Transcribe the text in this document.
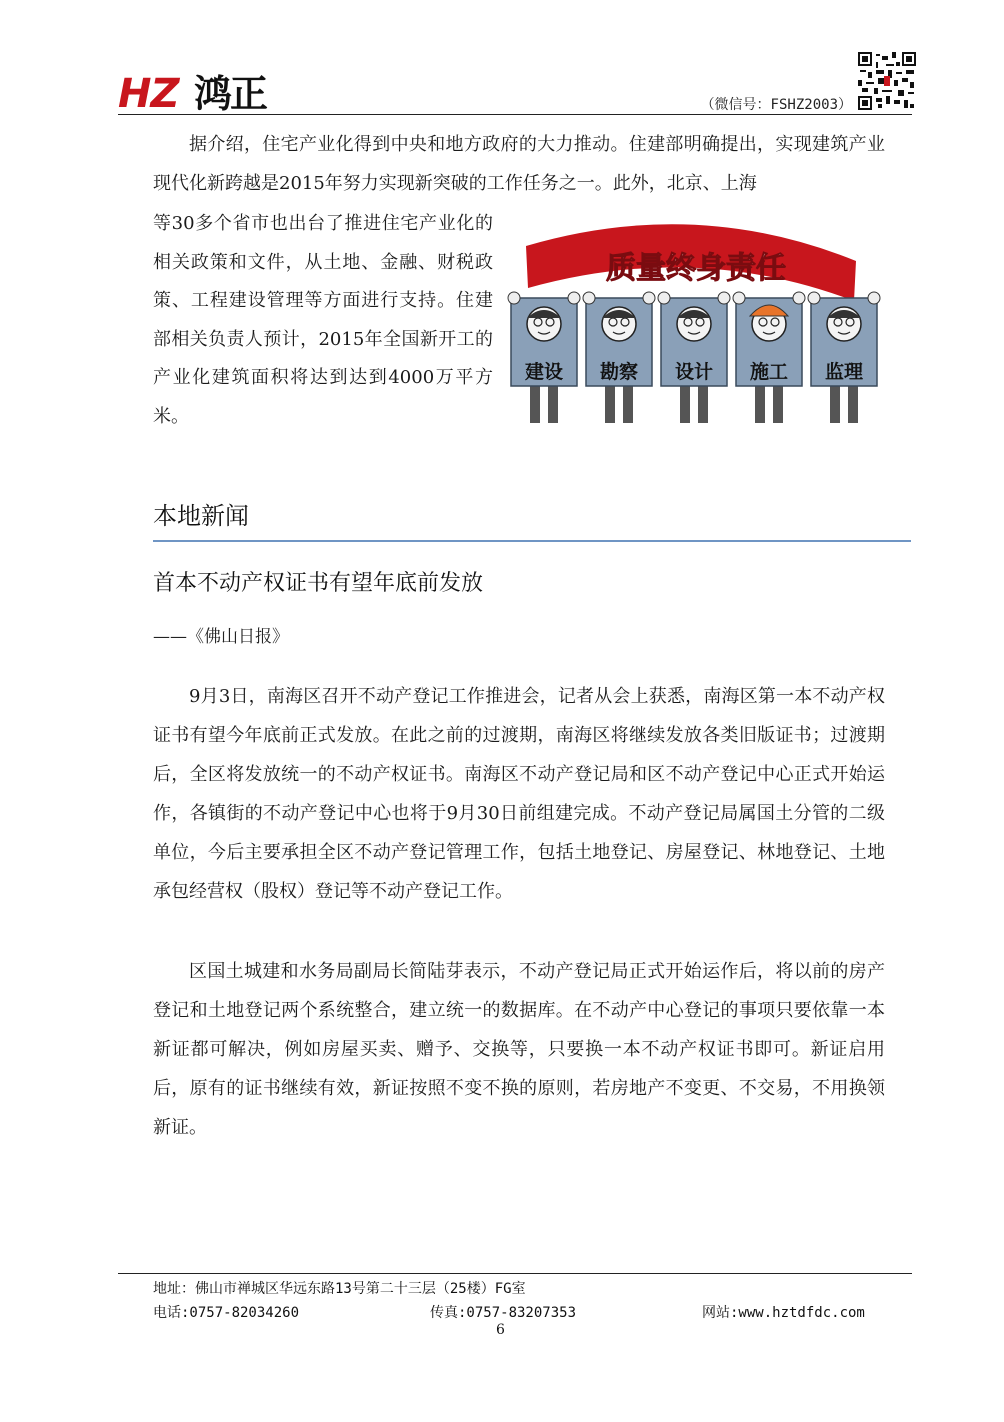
HZ 鸿正	（微信号：FSHZ2003）
据介绍，住宅产业化得到中央和地方政府的大力推动。住建部明确提出，实现建筑产业现代化新跨越是2015年努力实现新突破的工作任务之一。此外，北京、上海
等30多个省市也出台了推进住宅产业化的相关政策和文件，从土地、金融、财税政策、工程建设管理等方面进行支持。住建部相关负责人预计，2015年全国新开工的产业化建筑面积将达到达到4000万平方米。
质量终身责任
建设 勘察 设计 施工 监理
本地新闻
首本不动产权证书有望年底前发放
——《佛山日报》
9月3日，南海区召开不动产登记工作推进会，记者从会上获悉，南海区第一本不动产权证书有望今年底前正式发放。在此之前的过渡期，南海区将继续发放各类旧版证书；过渡期后，全区将发放统一的不动产权证书。南海区不动产登记局和区不动产登记中心正式开始运作，各镇街的不动产登记中心也将于9月30日前组建完成。不动产登记局属国土分管的二级单位，今后主要承担全区不动产登记管理工作，包括土地登记、房屋登记、林地登记、土地承包经营权（股权）登记等不动产登记工作。
区国土城建和水务局副局长简陆芽表示，不动产登记局正式开始运作后，将以前的房产登记和土地登记两个系统整合，建立统一的数据库。在不动产中心登记的事项只要依靠一本新证都可解决，例如房屋买卖、赠予、交换等，只要换一本不动产权证书即可。新证启用后，原有的证书继续有效，新证按照不变不换的原则，若房地产不变更、不交易，不用换领新证。
地址：佛山市禅城区华远东路13号第二十三层（25楼）FG室
电话:0757-82034260	传真:0757-83207353	网站:www.hztdfdc.com
6
